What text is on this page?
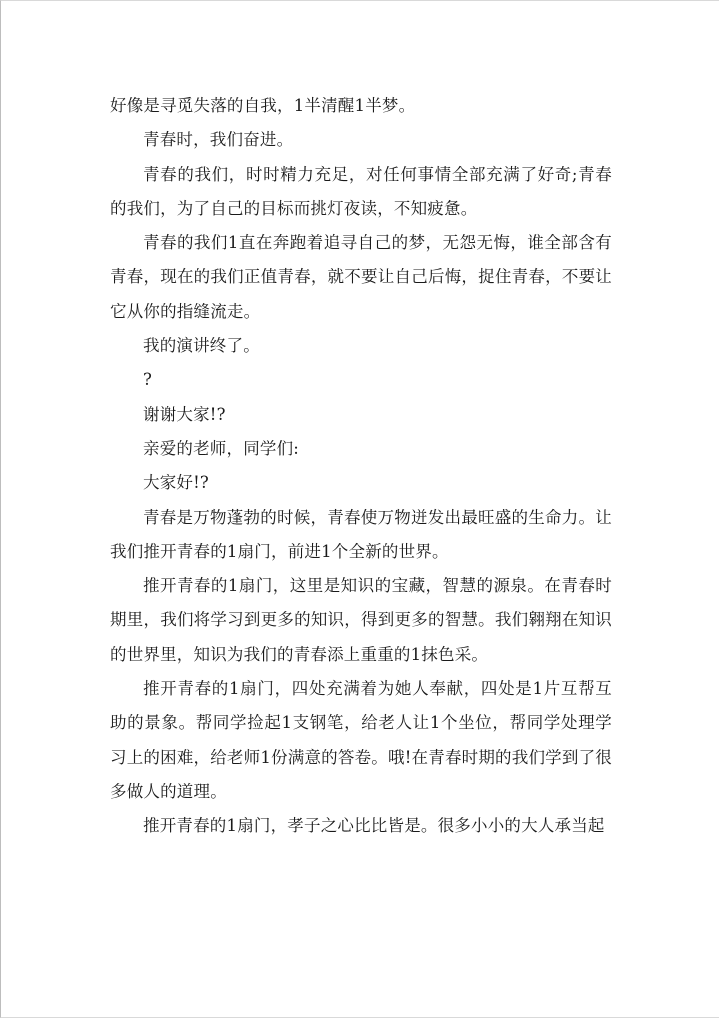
好像是寻觅失落的自我，1半清醒1半梦。

青春时，我们奋进。

青春的我们，时时精力充足，对任何事情全部充满了好奇;青春的我们，为了自己的目标而挑灯夜读，不知疲惫。

青春的我们1直在奔跑着追寻自己的梦，无怨无悔，谁全部含有青春，现在的我们正值青春，就不要让自己后悔，捉住青春，不要让它从你的指缝流走。

我的演讲终了。

?

谢谢大家!?

亲爱的老师，同学们:

大家好!?

青春是万物蓬勃的时候，青春使万物迸发出最旺盛的生命力。让我们推开青春的1扇门，前进1个全新的世界。

推开青春的1扇门，这里是知识的宝藏，智慧的源泉。在青春时期里，我们将学习到更多的知识，得到更多的智慧。我们翱翔在知识的世界里，知识为我们的青春添上重重的1抹色采。

推开青春的1扇门，四处充满着为她人奉献，四处是1片互帮互助的景象。帮同学捡起1支钢笔，给老人让1个坐位，帮同学处理学习上的困难，给老师1份满意的答卷。哦!在青春时期的我们学到了很多做人的道理。

推开青春的1扇门，孝子之心比比皆是。很多小小的大人承当起
